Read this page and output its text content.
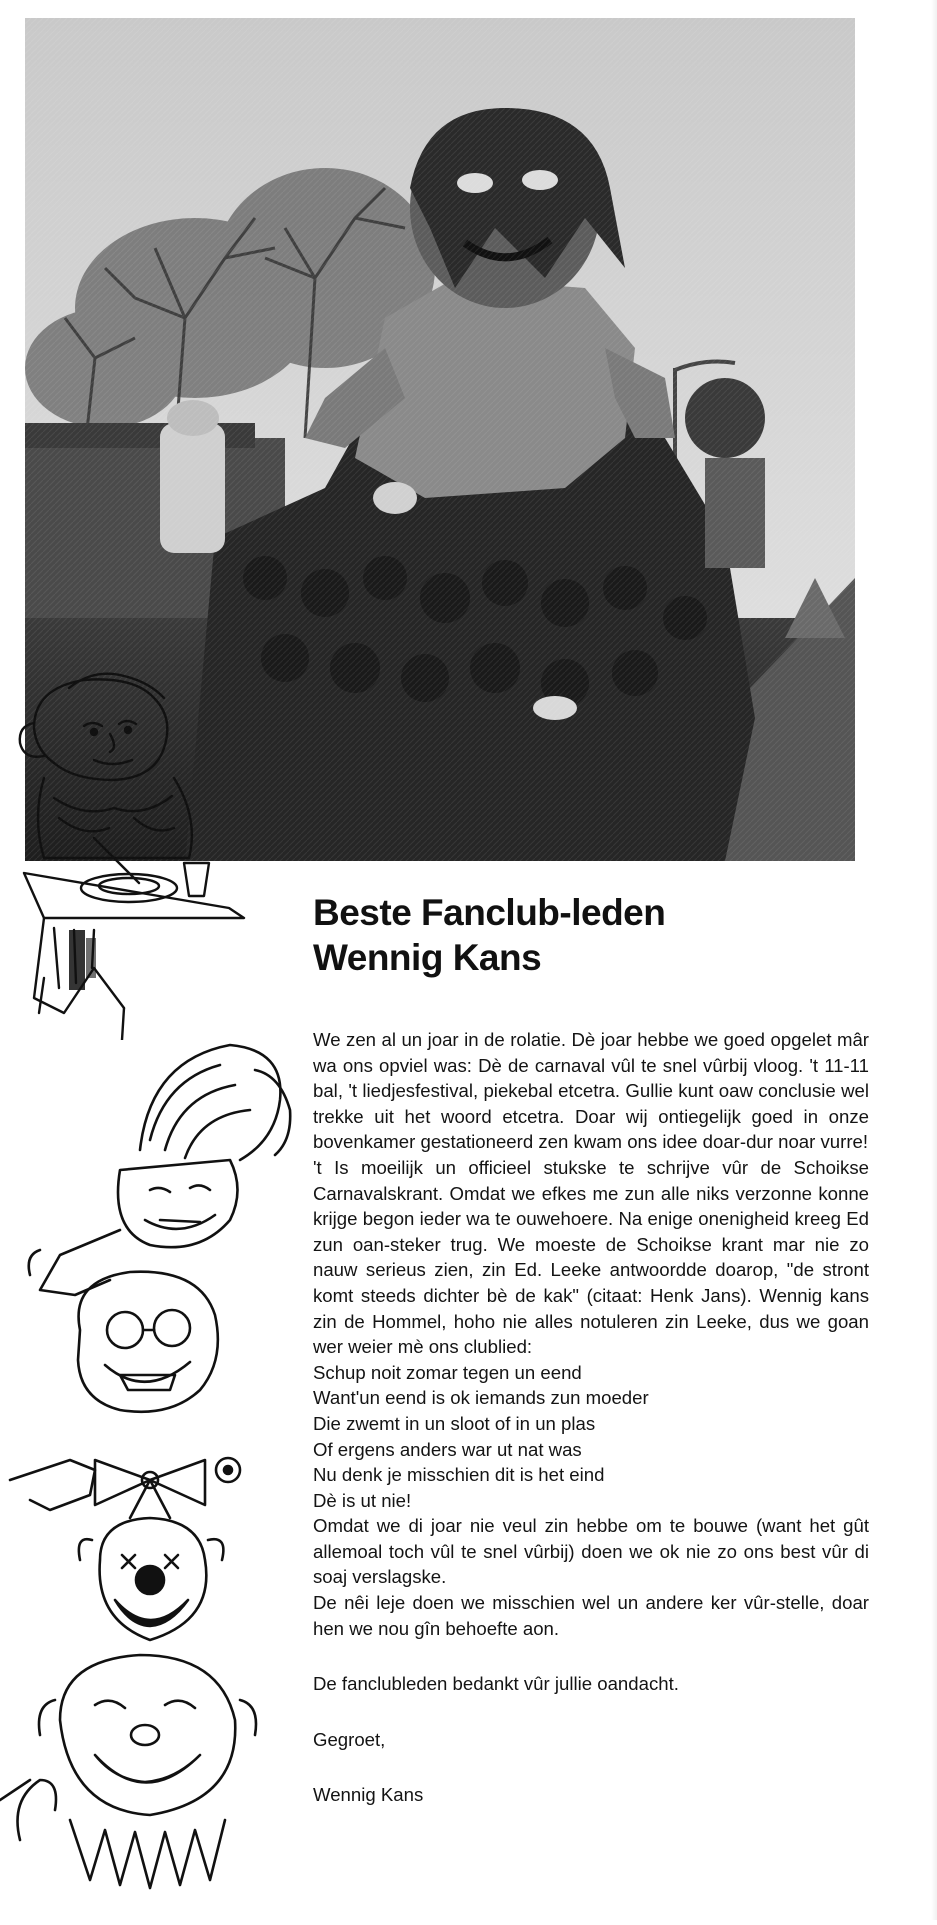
Beste Fanclub-leden
Wennig Kans

We zen al un joar in de rolatie. Dè joar hebbe we goed opgelet mâr wa ons opviel was: Dè de carnaval vûl te snel vûrbij vloog. 't 11-11 bal, 't liedjesfestival, piekebal etcetra. Gullie kunt oaw conclusie wel trekke uit het woord etcetra. Doar wij ontiegelijk goed in onze bovenkamer gestationeerd zen kwam ons idee doar-dur noar vurre!

't Is moeilijk un officieel stukske te schrijve vûr de Schoikse Carnavalskrant. Omdat we efkes me zun alle niks verzonne konne krijge begon ieder wa te ouwehoere. Na enige onenigheid kreeg Ed zun oan-steker trug. We moeste de Schoikse krant mar nie zo nauw serieus zien, zin Ed. Leeke antwoordde doarop, "de stront komt steeds dichter bè de kak" (citaat: Henk Jans). Wennig kans zin de Hommel, hoho nie alles notuleren zin Leeke, dus we goan wer weier mè ons clublied:

Schup noit zomar tegen un eend
Want'un eend is ok iemands zun moeder
Die zwemt in un sloot of in un plas
Of ergens anders war ut nat was
Nu denk je misschien dit is het eind
Dè is ut nie!

Omdat we di joar nie veul zin hebbe om te bouwe (want het gût allemoal toch vûl te snel vûrbij) doen we ok nie zo ons best vûr di soaj verslagske.

De nêi leje doen we misschien wel un andere ker vûr-stelle, doar hen we nou gîn behoefte aon.

De fanclubleden bedankt vûr jullie oandacht.

Gegroet,

Wennig Kans
